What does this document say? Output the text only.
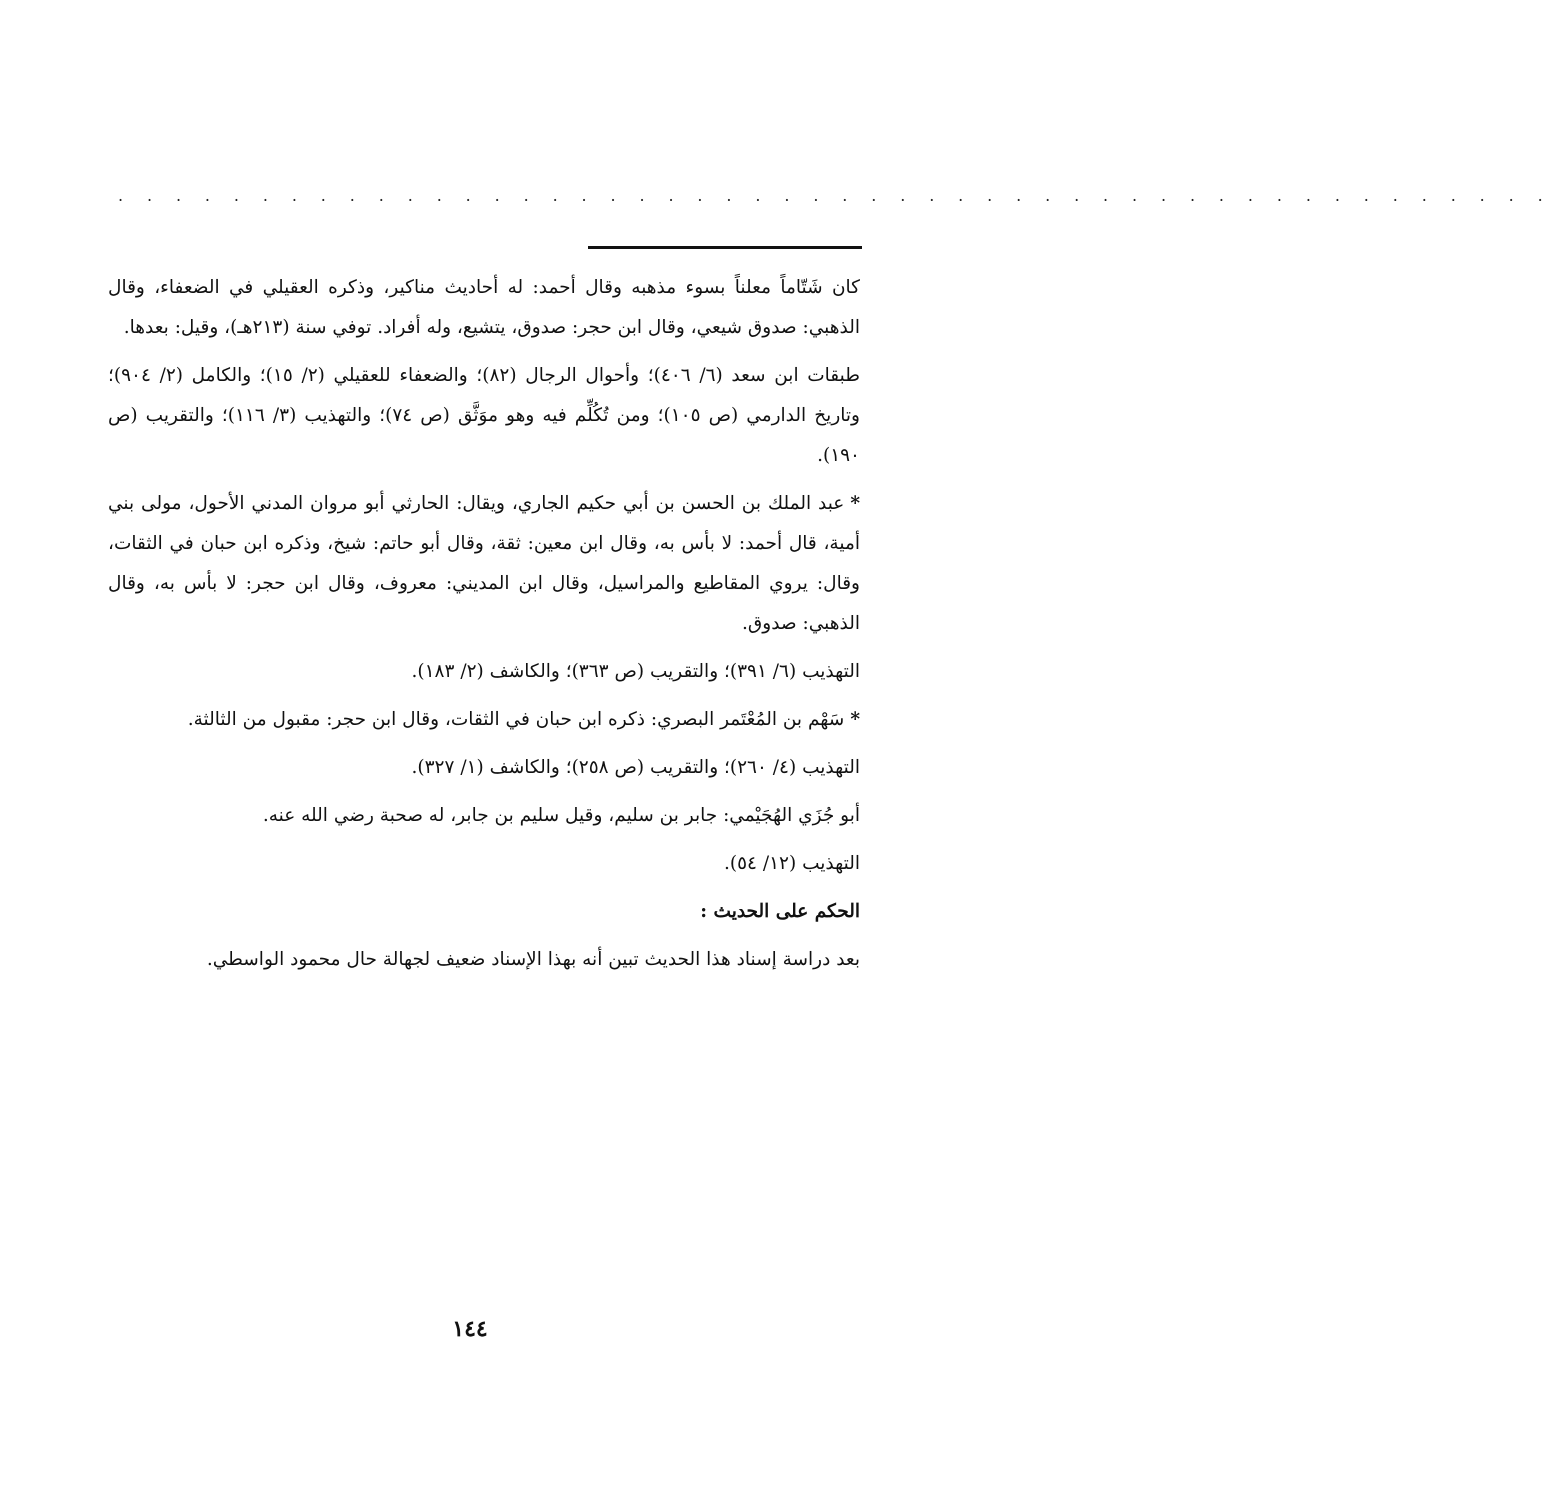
. . . . . . . . . . . . . . . . . . . . . . . . . . . . . . . . . . . . . . . . . . . . . . . . . .

كان شَتّاماً معلناً بسوء مذهبه وقال أحمد: له أحاديث مناكير، وذكره العقيلي في الضعفاء، وقال الذهبي: صدوق شيعي، وقال ابن حجر: صدوق، يتشيع، وله أفراد. توفي سنة (٢١٣هـ)، وقيل: بعدها.

طبقات ابن سعد (٦/ ٤٠٦)؛ وأحوال الرجال (٨٢)؛ والضعفاء للعقيلي (٢/ ١٥)؛ والكامل (٢/ ٩٠٤)؛ وتاريخ الدارمي (ص ١٠٥)؛ ومن تُكُلِّم فيه وهو موَثَّق (ص ٧٤)؛ والتهذيب (٣/ ١١٦)؛ والتقريب (ص ١٩٠).

*عبد الملك بن الحسن بن أبي حكيم الجاري، ويقال: الحارثي أبو مروان المدني الأحول، مولى بني أمية، قال أحمد: لا بأس به، وقال ابن معين: ثقة، وقال أبو حاتم: شيخ، وذكره ابن حبان في الثقات، وقال: يروي المقاطيع والمراسيل، وقال ابن المديني: معروف، وقال ابن حجر: لا بأس به، وقال الذهبي: صدوق.

التهذيب (٦/ ٣٩١)؛ والتقريب (ص ٣٦٣)؛ والكاشف (٢/ ١٨٣).

*سَهْم بن المُعْتَمر البصري: ذكره ابن حبان في الثقات، وقال ابن حجر: مقبول من الثالثة.

التهذيب (٤/ ٢٦٠)؛ والتقريب (ص ٢٥٨)؛ والكاشف (١/ ٣٢٧).

أبو جُزَي الهُجَيْمي: جابر بن سليم، وقيل سليم بن جابر، له صحبة رضي الله عنه.

التهذيب (١٢/ ٥٤).

الحكم على الحديث :

بعد دراسة إسناد هذا الحديث تبين أنه بهذا الإسناد ضعيف لجهالة حال محمود الواسطي.

١٤٤
